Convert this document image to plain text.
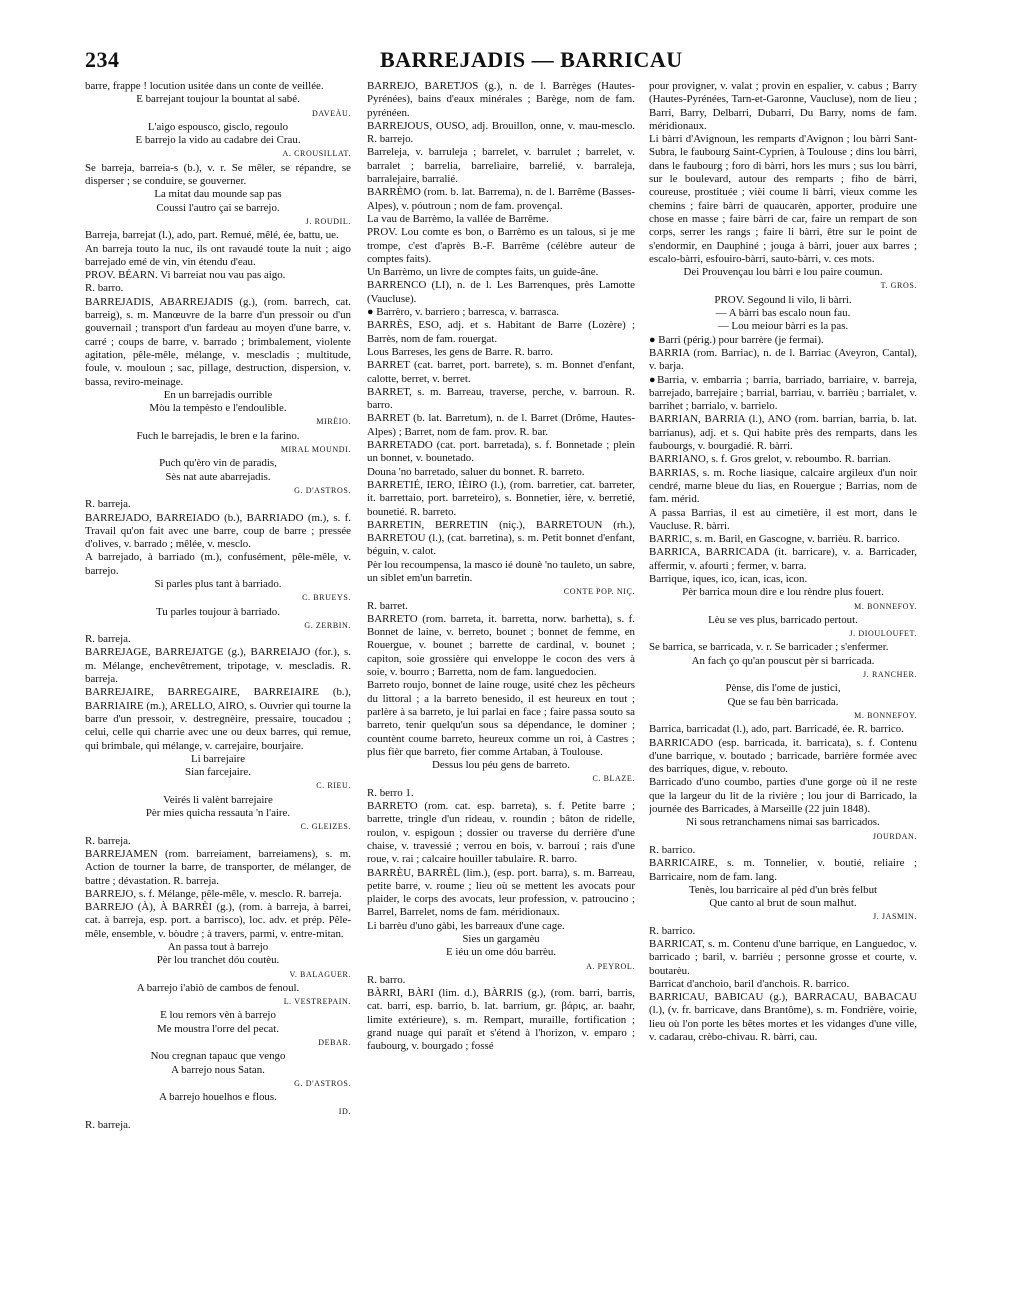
234	BARREJADIS — BARRICAU

barre, frappe ! locution usitée dans un conte de veillée.

E barrejant toujour la bountat al sabé.

DAVEÀU.

L'aigo espousco, gisclo, regoulo

E barrejo la vido au cadabre dei Crau.

A. CROUSILLAT.

Se barreja, barreia-s (b.), v. r. Se mêler, se répandre, se disperser ; se conduire, se gouverner.

La mitat dau mounde sap pas

Coussi l'autro çai se barrejo.

J. ROUDIL.

Barreja, barrejat (l.), ado, part. Remué, mêlé, ée, battu, ue.

An barreja touto la nuc, ils ont ravaudé toute la nuit ; aigo barrejado emé de vin, vin étendu d'eau.

PROV. BÉARN. Vi barreiat nou vau pas aigo.

R. barro.

BARREJADIS, ABARREJADIS (g.), (rom. barrech, cat. barreig), s. m. Manœuvre de la barre d'un pressoir ou d'un gouvernail ; transport d'un fardeau au moyen d'une barre, v. carré ; coups de barre, v. barrado ; brimbalement, violente agitation, pêle-mêle, mélange, v. mescladis ; multitude, foule, v. mouloun ; sac, pillage, destruction, dispersion, v. bassa, reviro-meinage.

En un barrejadis ourrible

Mòu la tempèsto e l'endoulible.

MIRÈIO.

Fuch le barrejadis, le bren e la farino.

MIRAL MOUNDI.

Puch qu'èro vin de paradis,

Sès nat aute abarrejadis.

G. D'ASTROS.

R. barreja.

BARREJADO, BARREIADO (b.), BARRIADO (m.), s. f. Travail qu'on fait avec une barre, coup de barre ; pressée d'olives, v. barrado ; mêlée, v. mesclo.

A barrejado, à barriado (m.), confusément, pêle-mêle, v. barrejo.

Si parles plus tant à barriado.

C. BRUEYS.

Tu parles toujour à barriado.

G. ZERBIN.

R. barreja.

BARREJAGE, BARREJATGE (g.), BARREIAJO (for.), s. m. Mélange, enchevêtrement, tripotage, v. mescladis. R. barreja.

BARREJAIRE, BARREGAIRE, BARREIAIRE (b.), BARRIAIRE (m.), ARELLO, AIRO, s. Ouvrier qui tourne la barre d'un pressoir, v. destregnèire, pressaire, toucadou ; celui, celle qui charrie avec une ou deux barres, qui remue, qui brimbale, qui mélange, v. carrejaire, bourjaire.

Li barrejaire

Sian farcejaire.

C. RIEU.

Veirés li valènt barrejaire

Pèr mies quicha ressauta 'n l'aire.

C. GLEIZES.

R. barreja.

BARREJAMEN (rom. barreiament, barreiamens), s. m. Action de tourner la barre, de transporter, de mélanger, de battre ; dévastation. R. barreja.

BARREJO, s. f. Mélange, pêle-mêle, v. mesclo. R. barreja.

BARREJO (À), À BARRÈI (g.), (rom. à barreja, à barrei, cat. à barreja, esp. port. a barrisco), loc. adv. et prép. Pêle-mêle, ensemble, v. bòudre ; à travers, parmi, v. entre-mitan.

An passa tout à barrejo

Pèr lou tranchet dóu coutèu.

V. BALAGUER.

A barrejo i'abiò de cambos de fenoul.

L. VESTREPAIN.

E lou remors vèn à barrejo

Me moustra l'orre del pecat.

DEBAR.

Nou cregnan tapauc que vengo

A barrejo nous Satan.

G. D'ASTROS.

A barrejo houelhos e flous.

ID.

R. barreja.

BARREJO, BARETJOS (g.), n. de l. Barrèges (Hautes-Pyrénées), bains d'eaux minérales ; Barège, nom de fam. pyrénéen.

BARREJOUS, OUSO, adj. Brouillon, onne, v. mau-mesclo. R. barrejo.

Barreleja, v. barruleja ; barrelet, v. barrulet ; barrelet, v. barralet ; barrelia, barreliaire, barrelié, v. barraleja, barralejaire, barralié.

BARRÈMO (rom. b. lat. Barrema), n. de l. Barrême (Basses-Alpes), v. póutroun ; nom de fam. provençal.

La vau de Barrèmo, la vallée de Barrême.

PROV. Lou comte es bon, o Barrèmo es un talous, si je me trompe, c'est d'après B.-F. Barrême (célèbre auteur de comptes faits).

Un Barrèmo, un livre de comptes faits, un guide-âne.

BARRENCO (LI), n. de l. Les Barrenques, près Lamotte (Vaucluse).

● Barrèro, v. barriero ; barresca, v. barrasca.

BARRÈS, ESO, adj. et s. Habitant de Barre (Lozère) ; Barrès, nom de fam. rouergat.

Lous Barreses, les gens de Barre. R. barro.

BARRET (cat. barret, port. barrete), s. m. Bonnet d'enfant, calotte, berret, v. berret.

BARRET, s. m. Barreau, traverse, perche, v. barroun. R. barro.

BARRET (b. lat. Barretum), n. de l. Barret (Drôme, Hautes-Alpes) ; Barret, nom de fam. prov. R. bar.

BARRETADO (cat. port. barretada), s. f. Bonnetade ; plein un bonnet, v. bounetado.

Douna 'no barretado, saluer du bonnet. R. barreto.

BARRETIÉ, IERO, IÈIRO (l.), (rom. barretier, cat. barreter, it. barrettaio, port. barreteiro), s. Bonnetier, ière, v. berretié, bounetié. R. barreto.

BARRETIN, BERRETIN (niç.), BARRETOUN (rh.), BARRETOU (l.), (cat. barretina), s. m. Petit bonnet d'enfant, béguin, v. calot.

Pèr lou recoumpensa, la masco ié dounè 'no tauleto, un sabre, un siblet em'un barretin.

CONTE POP. NIÇ.

R. barret.

BARRETO (rom. barreta, it. barretta, norw. barhetta), s. f. Bonnet de laine, v. berreto, bounet ; bonnet de femme, en Rouergue, v. bounet ; barrette de cardinal, v. bounet ; capiton, soie grossière qui enveloppe le cocon des vers à soie, v. bourro ; Barretta, nom de fam. languedocien.

Barreto roujo, bonnet de laine rouge, usité chez les pêcheurs du littoral ; a la barreto benesido, il est heureux en tout ; parlère à sa barreto, je lui parlai en face ; faire passa souto sa barreto, tenir quelqu'un sous sa dépendance, le dominer ; countènt coume barreto, heureux comme un roi, à Castres ; plus fièr que barreto, fier comme Artaban, à Toulouse.

Dessus lou péu gens de barreto.

C. BLAZE.

R. berro 1.

BARRETO (rom. cat. esp. barreta), s. f. Petite barre ; barrette, tringle d'un rideau, v. roundin ; bâton de ridelle, roulon, v. espigoun ; dossier ou traverse du derrière d'une chaise, v. travessié ; verrou en bois, v. barroui ; rais d'une roue, v. rai ; calcaire houiller tabulaire. R. barro.

BARRÈU, BARRÈL (lim.), (esp. port. barra), s. m. Barreau, petite barre, v. roume ; lieu où se mettent les avocats pour plaider, le corps des avocats, leur profession, v. patroucino ; Barrel, Barrelet, noms de fam. méridionaux.

Li barrèu d'uno gàbi, les barreaux d'une cage.

Sies un gargamèu

E iéu un ome dóu barrèu.

A. PEYROL.

R. barro.

BÀRRI, BÀRI (lim. d.), BÀRRIS (g.), (rom. barri, barris, cat. barri, esp. barrio, b. lat. barrium, gr. βάρις, ar. baahr, limite extérieure), s. m. Rempart, muraille, fortification ; grand nuage qui paraît et s'étend à l'horizon, v. emparo ; faubourg, v. bourgado ; fossé

pour provigner, v. valat ; provin en espalier, v. cabus ; Barry (Hautes-Pyrénées, Tarn-et-Garonne, Vaucluse), nom de lieu ; Barri, Barry, Delbarri, Dubarri, Du Barry, noms de fam. méridionaux.

Li bàrri d'Avignoun, les remparts d'Avignon ; lou bàrri Sant-Subra, le faubourg Saint-Cyprien, à Toulouse ; dins lou bàrri, dans le faubourg ; foro di bàrri, hors les murs ; sus lou bàrri, sur le boulevard, autour des remparts ; fiho de bàrri, coureuse, prostituée ; vièi coume li bàrri, vieux comme les chemins ; faire bàrri de quaucarèn, apporter, produire une chose en masse ; faire bàrri de car, faire un rempart de son corps, serrer les rangs ; faire li bàrri, être sur le point de s'endormir, en Dauphiné ; jouga à bàrri, jouer aux barres ; escalo-bàrri, esfouiro-bàrri, sauto-bàrri, v. ces mots.

Dei Prouvençau lou bàrri e lou paire coumun.

T. GROS.

PROV. Segound li vilo, li bàrri.

— A bàrri bas escalo noun fau.

— Lou meiour bàrri es la pas.

● Barri (périg.) pour barrère (je fermai).

BARRIA (rom. Barriac), n. de l. Barriac (Aveyron, Cantal), v. barja.

●Barria, v. embarria ; barria, barriado, barriaire, v. barreja, barrejado, barrejaire ; barrial, barriau, v. barrièu ; barrialet, v. barrihet ; barrialo, v. barrielo.

BARRIAN, BARRIA (l.), ANO (rom. barrian, barria, b. lat. barrianus), adj. et s. Qui habite près des remparts, dans les faubourgs, v. bourgadié. R. bàrri.

BARRIANO, s. f. Gros grelot, v. reboumbo. R. barrian.

BARRIAS, s. m. Roche liasique, calcaire argileux d'un noir cendré, marne bleue du lias, en Rouergue ; Barrias, nom de fam. mérid.

A passa Barrias, il est au cimetière, il est mort, dans le Vaucluse. R. bàrri.

BARRIC, s. m. Baril, en Gascogne, v. barrièu. R. barrico.

BARRICA, BARRICADA (it. barricare), v. a. Barricader, affermir, v. afourti ; fermer, v. barra.

Barrique, iques, ico, ican, icas, icon.

Pèr barrica moun dire e lou rèndre plus fouert.

M. BONNEFOY.

Lèu se ves plus, barricado pertout.

J. DIOULOUFET.

Se barrica, se barricada, v. r. Se barricader ; s'enfermer.

An fach ço qu'an pouscut pèr si barricada.

J. RANCHER.

Pènse, dis l'ome de justici,

Que se fau bèn barricada.

M. BONNEFOY.

Barrica, barricadat (l.), ado, part. Barricadé, ée. R. barrico.

BARRICADO (esp. barricada, it. barricata), s. f. Contenu d'une barrique, v. boutado ; barricade, barrière formée avec des barriques, digue, v. rebouto.

Barricado d'uno coumbo, parties d'une gorge où il ne reste que la largeur du lit de la rivière ; lou jour di Barricado, la journée des Barricades, à Marseille (22 juin 1848).

Ni sous retranchamens nimai sas barricados.

JOURDAN.

R. barrico.

BARRICAIRE, s. m. Tonnelier, v. boutié, reliaire ; Barricaire, nom de fam. lang.

Tenès, lou barricaire al pèd d'un brès felbut

Que canto al brut de soun malhut.

J. JASMIN.

R. barrico.

BARRICAT, s. m. Contenu d'une barrique, en Languedoc, v. barricado ; baril, v. barrièu ; personne grosse et courte, v. boutarèu.

Barricat d'anchoio, baril d'anchois. R. barrico.

BARRICAU, BABICAU (g.), BARRACAU, BABACAU (l.), (v. fr. barricave, dans Brantôme), s. m. Fondrière, voirie, lieu où l'on porte les bêtes mortes et les vidanges d'une ville, v. cadarau, crèbo-chivau. R. bàrri, cau.
